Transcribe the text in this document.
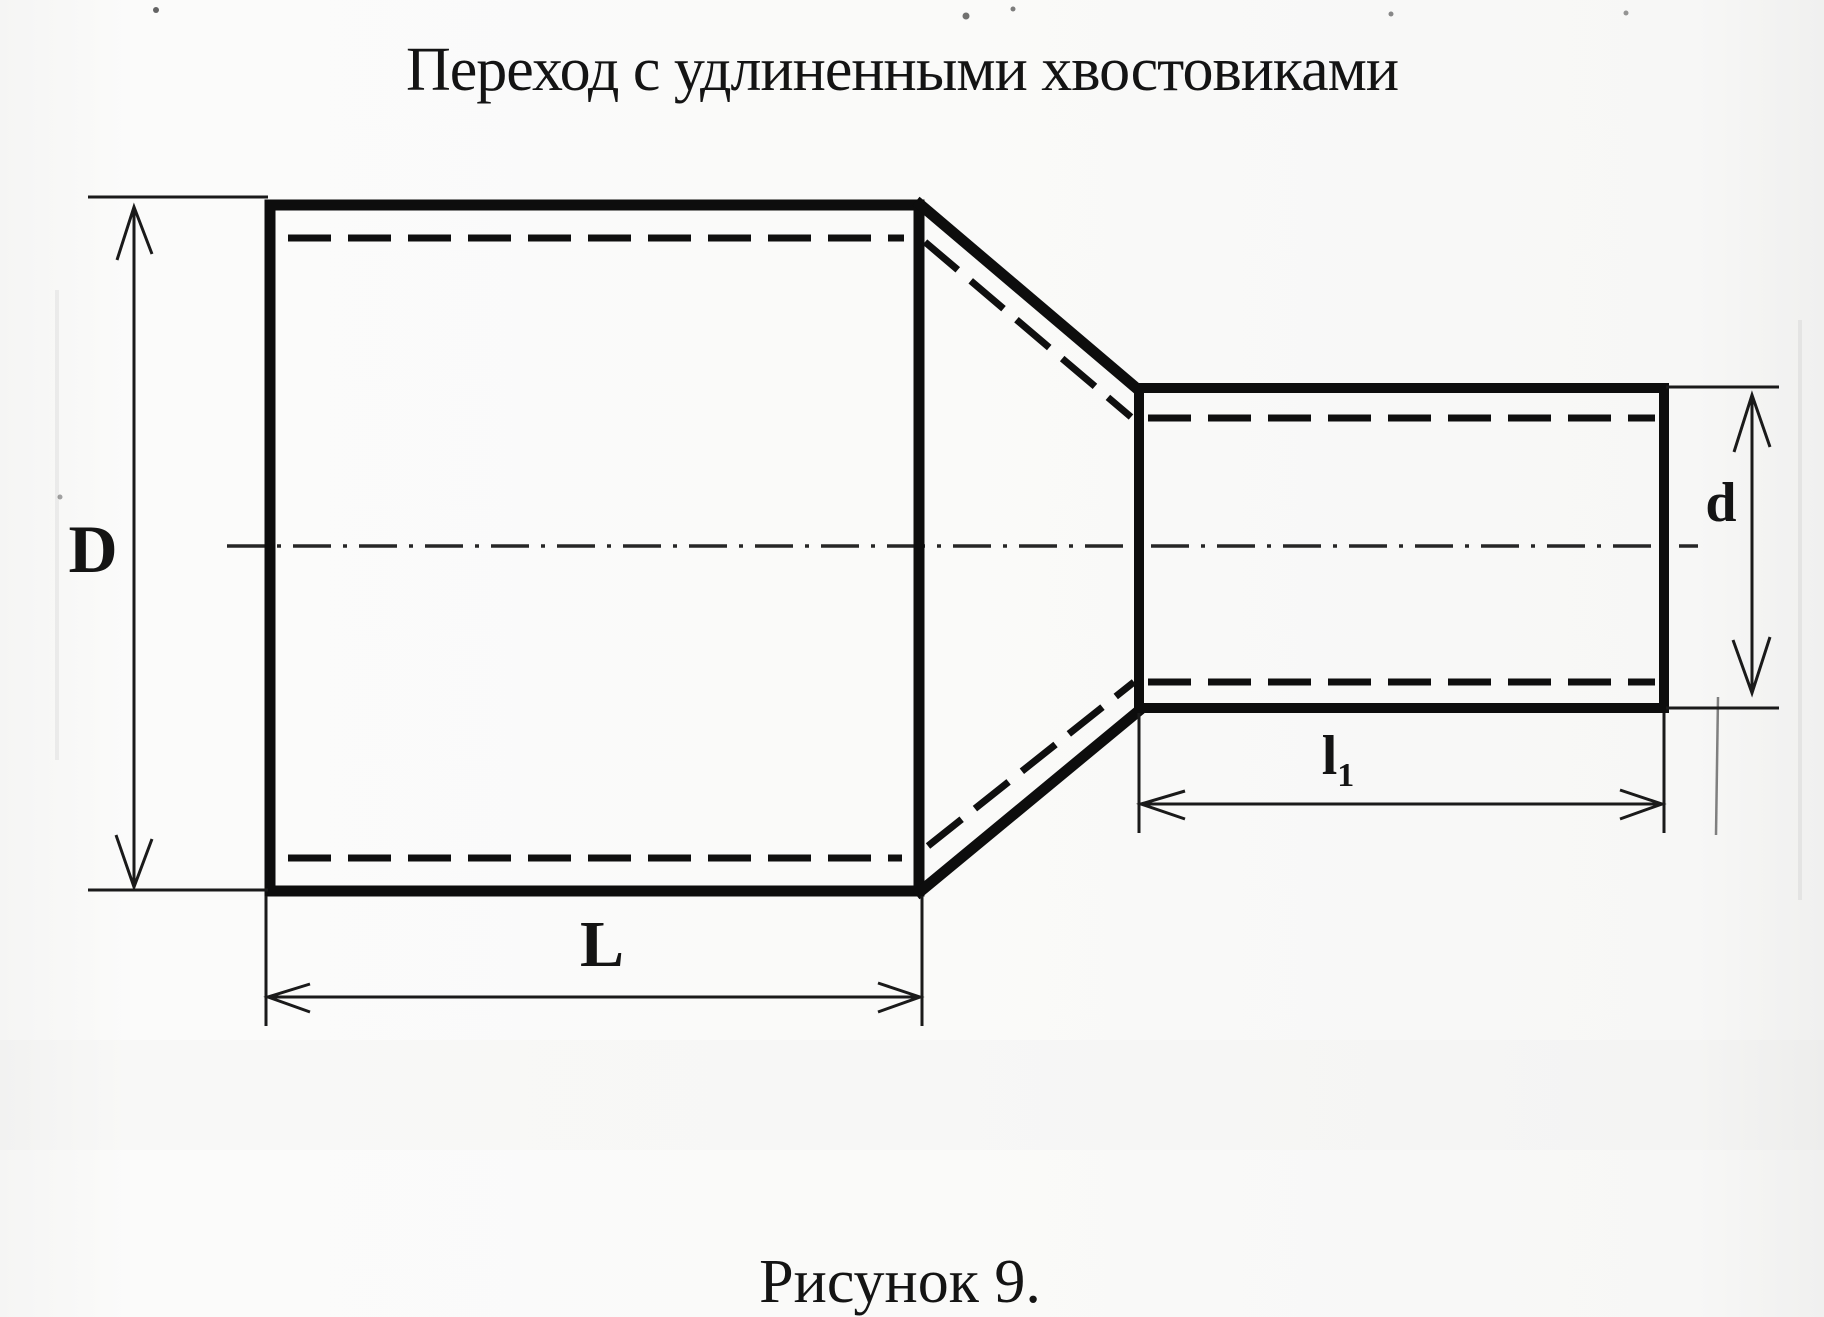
Переход с удлиненными хвостовиками
D
d
L
$l_1$
Рисунок 9.
